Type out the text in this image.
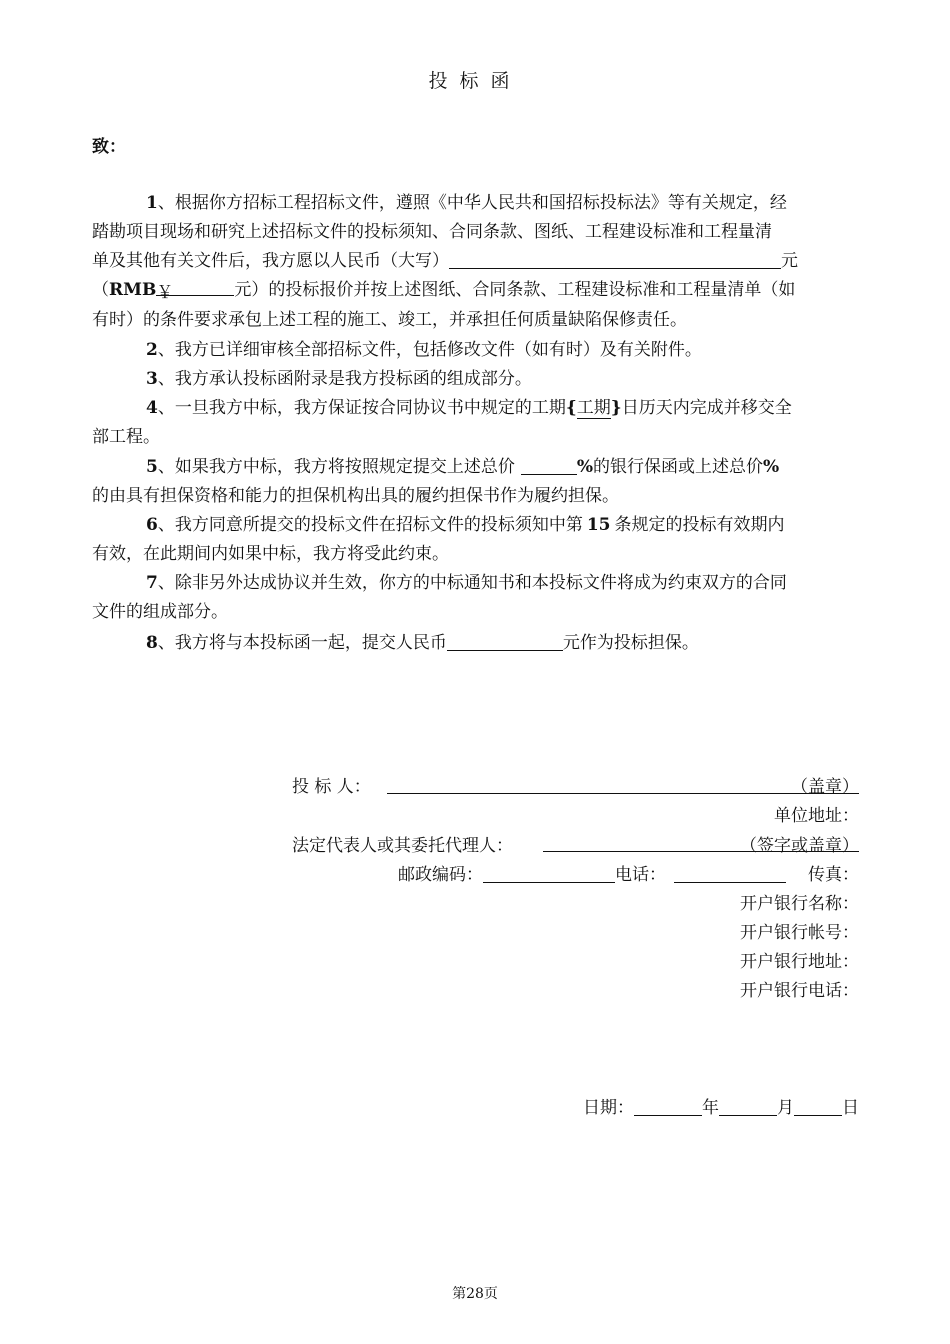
投标函
致：
1、根据你方招标工程招标文件，遵照《中华人民共和国招标投标法》等有关规定，经
踏勘项目现场和研究上述招标文件的投标须知、合同条款、图纸、工程建设标准和工程量清
单及其他有关文件后，我方愿以人民币（大写）	元
（RMB￥	元）的投标报价并按上述图纸、合同条款、工程建设标准和工程量清单（如
有时）的条件要求承包上述工程的施工、竣工，并承担任何质量缺陷保修责任。
2、我方已详细审核全部招标文件，包括修改文件（如有时）及有关附件。
3、我方承认投标函附录是我方投标函的组成部分。
4、一旦我方中标，我方保证按合同协议书中规定的工期{工期}日历天内完成并移交全
部工程。
5、如果我方中标，我方将按照规定提交上述总价	%的银行保函或上述总价%
的由具有担保资格和能力的担保机构出具的履约担保书作为履约担保。
6、我方同意所提交的投标文件在招标文件的投标须知中第 15 条规定的投标有效期内
有效，在此期间内如果中标，我方将受此约束。
7、除非另外达成协议并生效，你方的中标通知书和本投标文件将成为约束双方的合同
文件的组成部分。
8、我方将与本投标函一起，提交人民币	元作为投标担保。
投 标 人：	（盖章）
单位地址：
法定代表人或其委托代理人：	（签字或盖章）
邮政编码：	电话：	传真：
开户银行名称：
开户银行帐号：
开户银行地址：
开户银行电话：
日期：	年	月	日
第28页
